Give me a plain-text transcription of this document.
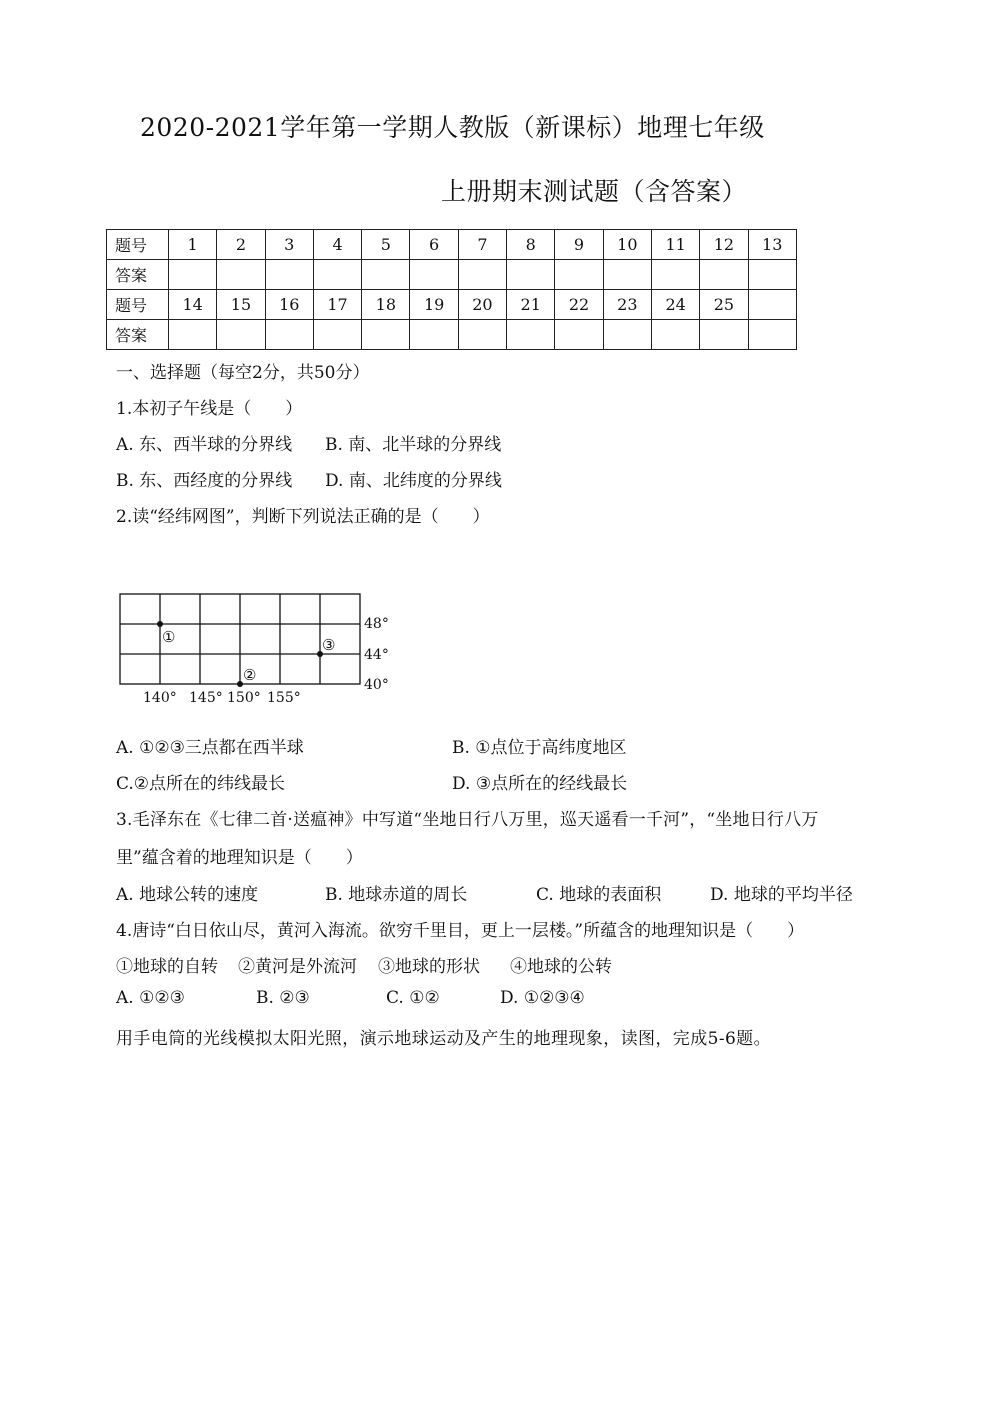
2020-2021学年第一学期人教版（新课标）地理七年级
上册期末测试题（含答案）
题号	1	2	3	4	5	6	7	8	9	10	11	12	13
答案													
题号	14	15	16	17	18	19	20	21	22	23	24	25	
答案													
一、选择题（每空2分，共50分）
1.本初子午线是（　　）
A. 东、西半球的分界线 B. 南、北半球的分界线
B. 东、西经度的分界线 D. 南、北纬度的分界线
2.读“经纬网图”，判断下列说法正确的是（　　）
①
②
③
48°
44°
40°
140° 145° 150° 155°
A. ①②③三点都在西半球	B. ①点位于高纬度地区
C.②点所在的纬线最长	D. ③点所在的经线最长
3.毛泽东在《七律二首·送瘟神》中写道“坐地日行八万里，巡天遥看一千河”，“坐地日行八万
里”蕴含着的地理知识是（　　）
A. 地球公转的速度	B. 地球赤道的周长	C. 地球的表面积	D. 地球的平均半径
4.唐诗“白日依山尽，黄河入海流。欲穷千里目，更上一层楼。”所蕴含的地理知识是（　　）
①地球的自转 ②黄河是外流河 ③地球的形状 ④地球的公转
A. ①②③	B. ②③	C. ①②	D. ①②③④
用手电筒的光线模拟太阳光照，演示地球运动及产生的地理现象，读图，完成5-6题。
